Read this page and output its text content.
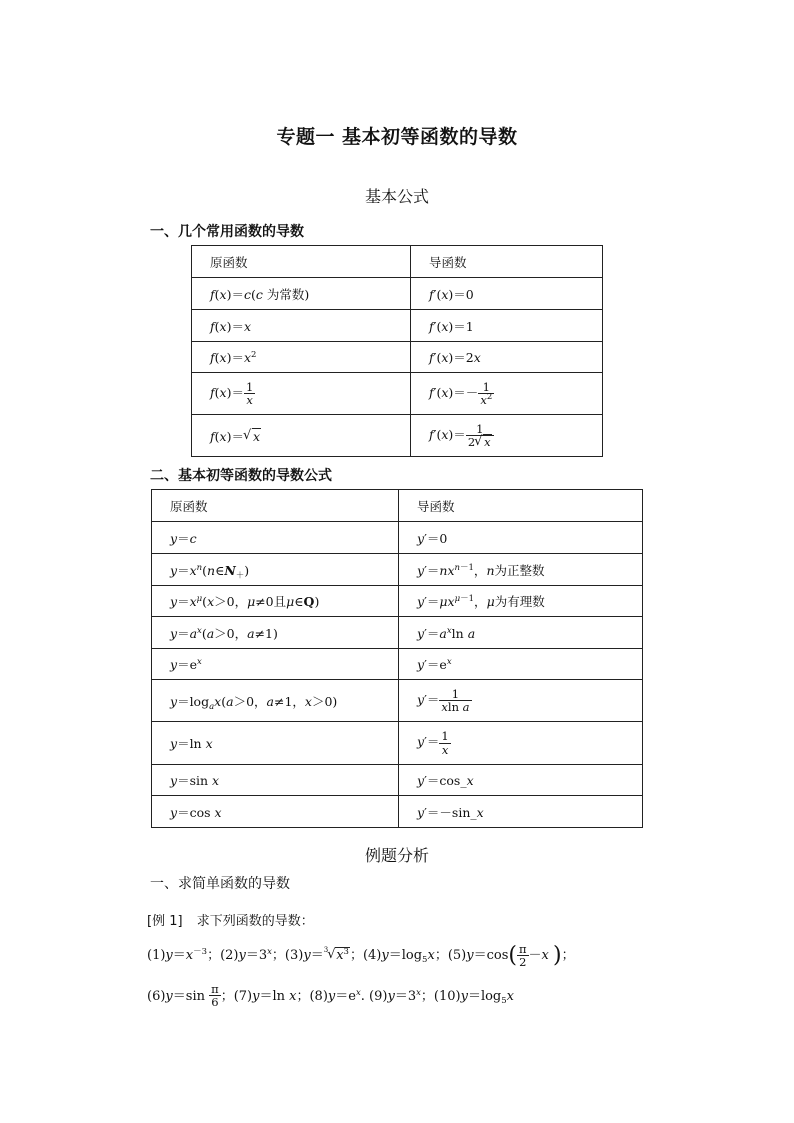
专题一 基本初等函数的导数
基本公式
一、几个常用函数的导数
原函数	导函数
f(x)＝c(c 为常数)	f′(x)＝0
f(x)＝x	f′(x)＝1
$f(x)=x^2$	f′(x)＝2x
$f(x)= \frac{1}{x}$	$f'(x)=- \frac{1}{x^2}$

f(x)＝ √ x	$f'(x)= \frac{1}{2 √ x}$
二、基本初等函数的导数公式
原函数	导函数
y＝c	y′＝0
$y=x^n(n\in N_+)$	$y'=nx^{n-1}$，n为正整数
$y=x^\mu(x>0$，μ≠0且μ∈Q)	$y'=\mu x^{\mu-1}$，μ为有理数
$y=a^x(a>0$，a≠1)	$y'=a^x\ln$ a
$y=e^x$	$y'=e^x$
$y=\log_ax(a>0$，a≠1，x＞0)	$y'= \frac{1}{\text{xln a}}$

y＝ln x	$y'= \frac{1}{x}$

y＝sin x	y′＝cos_x
y＝cos x	y′＝－sin_x
例题分析
一、求简单函数的导数
[例 1] 求下列函数的导数：
$(1)y=x^{-3}$；$(2)y=3^x$；(3)y＝$^3$ √ $x^3$；$(4)y=\log_5x$；$(5)y=\cos( \frac{\pi}{2} -x$ )；
$(6)y=\sin \frac{\pi}{6}$ ；(7)y＝ln x；$(8)y=e^x$. $(9)y=3^x$；$(10)y=\log_5x$
